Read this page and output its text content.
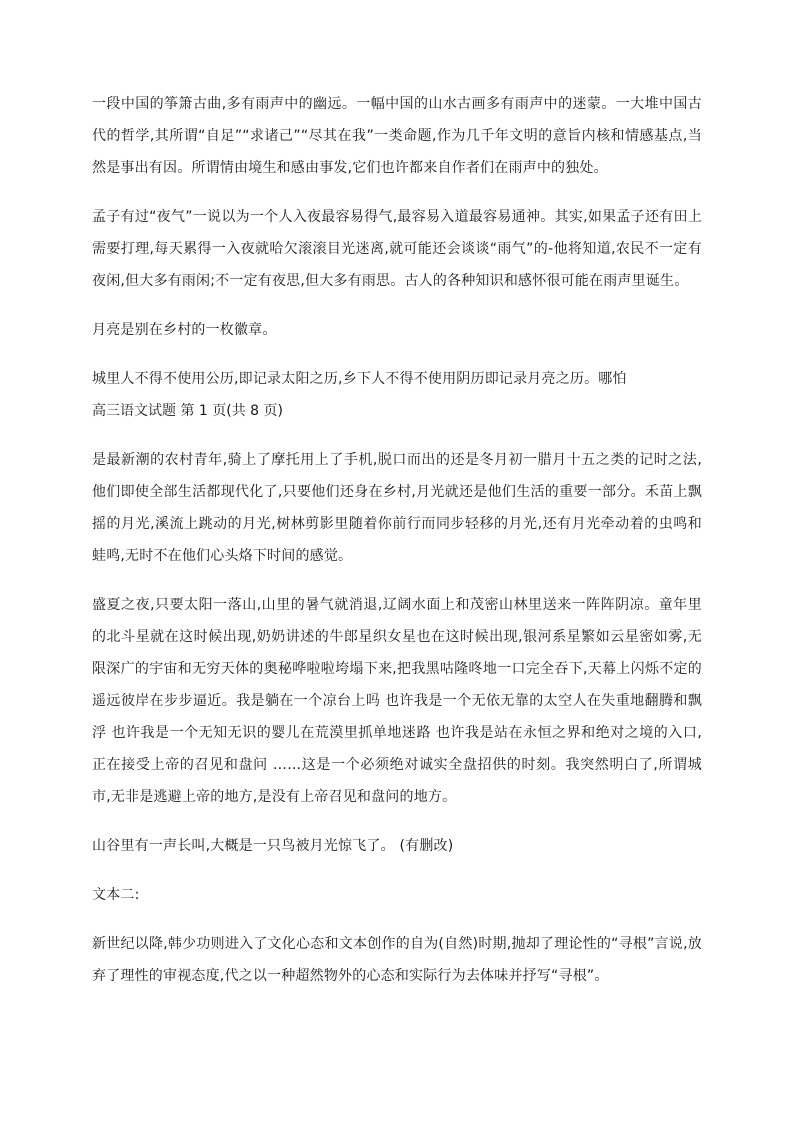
一段中国的筝箫古曲,多有雨声中的幽远。一幅中国的山水古画多有雨声中的迷蒙。一大堆中国古代的哲学,其所谓“自足”“求诸己”“尽其在我”一类命题,作为几千年文明的意旨内核和情感基点,当然是事出有因。所谓情由境生和感由事发,它们也许都来自作者们在雨声中的独处。

孟子有过“夜气”一说以为一个人入夜最容易得气,最容易入道最容易通神。其实,如果孟子还有田上需要打理,每天累得一入夜就哈欠滚滚目光迷离,就可能还会谈谈“雨气”的-他将知道,农民不一定有夜闲,但大多有雨闲;不一定有夜思,但大多有雨思。古人的各种知识和感怀很可能在雨声里诞生。

月亮是别在乡村的一枚徽章。

城里人不得不使用公历,即记录太阳之历,乡下人不得不使用阴历即记录月亮之历。哪怕

高三语文试题 第 1 页(共 8 页)

是最新潮的农村青年,骑上了摩托用上了手机,脱口而出的还是冬月初一腊月十五之类的记时之法,他们即使全部生活都现代化了,只要他们还身在乡村,月光就还是他们生活的重要一部分。禾苗上飘摇的月光,溪流上跳动的月光,树林剪影里随着你前行而同步轻移的月光,还有月光牵动着的虫鸣和蛙鸣,无时不在他们心头烙下时间的感觉。

盛夏之夜,只要太阳一落山,山里的暑气就消退,辽阔水面上和茂密山林里送来一阵阵阴凉。童年里的北斗星就在这时候出现,奶奶讲述的牛郎星织女星也在这时候出现,银河系星繁如云星密如雾,无限深广的宇宙和无穷天体的奥秘哗啦啦垮塌下来,把我黑咕隆咚地一口完全吞下,天幕上闪烁不定的遥远彼岸在步步逼近。我是躺在一个凉台上吗 也许我是一个无依无靠的太空人在失重地翻腾和飘浮 也许我是一个无知无识的婴儿在荒漠里抓单地迷路 也许我是站在永恒之界和绝对之境的入口,正在接受上帝的召见和盘问 ……这是一个必须绝对诚实全盘招供的时刻。我突然明白了,所谓城市,无非是逃避上帝的地方,是没有上帝召见和盘问的地方。

山谷里有一声长叫,大概是一只鸟被月光惊飞了。 (有删改)

文本二:

新世纪以降,韩少功则进入了文化心态和文本创作的自为(自然)时期,抛却了理论性的“寻根”言说,放弃了理性的审视态度,代之以一种超然物外的心态和实际行为去体味并抒写“寻根”。
